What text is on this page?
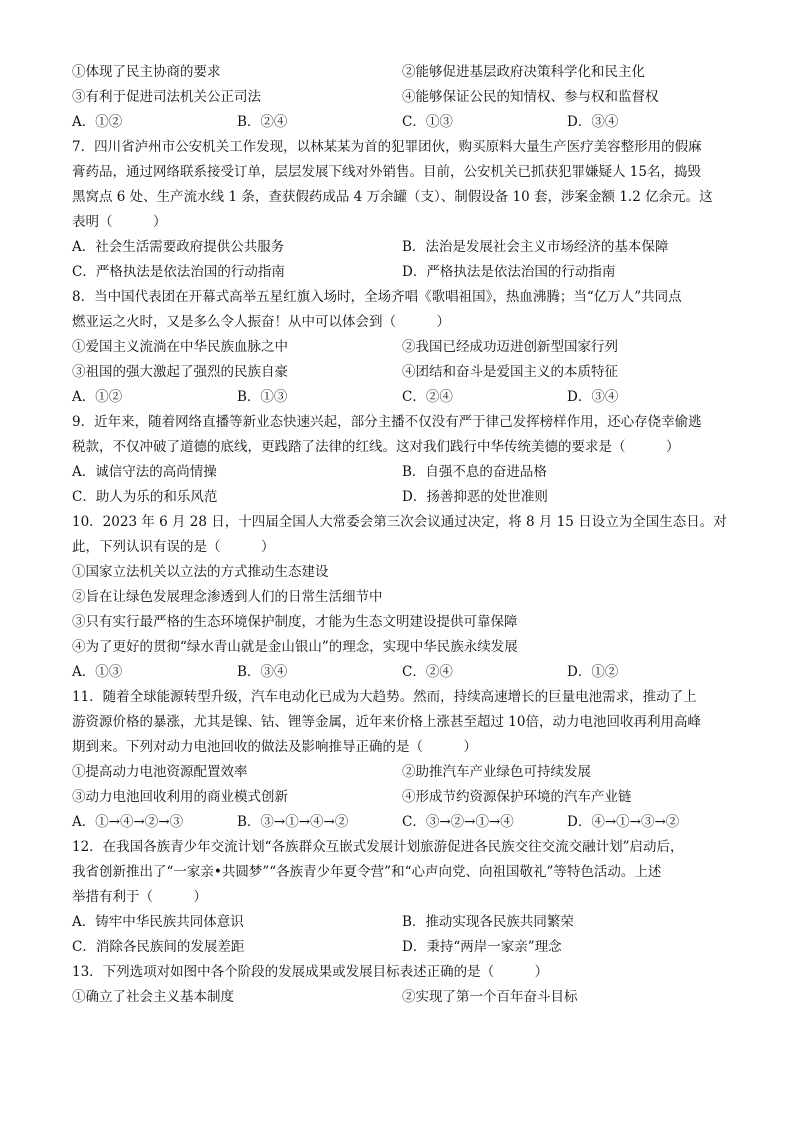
①体现了民主协商的要求	②能够促进基层政府决策科学化和民主化
③有利于促进司法机关公正司法	④能够保证公民的知情权、参与权和监督权
A．①②	B．②④	C．①③	D．③④
7．四川省泸州市公安机关工作发现，以林某某为首的犯罪团伙，购买原料大量生产医疗美容整形用的假麻
膏药品，通过网络联系接受订单，层层发展下线对外销售。目前，公安机关已抓获犯罪嫌疑人 15名，捣毁
黑窝点 6 处、生产流水线 1 条，查获假药成品 4 万余罐（支）、制假设备 10 套，涉案金额 1.2 亿余元。这
表明（　　　）
A．社会生活需要政府提供公共服务	B．法治是发展社会主义市场经济的基本保障
C．严格执法是依法治国的行动指南	D．严格执法是依法治国的行动指南
8．当中国代表团在开幕式高举五星红旗入场时，全场齐唱《歌唱祖国》，热血沸腾；当“亿万人”共同点
燃亚运之火时，又是多么令人振奋！从中可以体会到（　　　）
①爱国主义流淌在中华民族血脉之中	②我国已经成功迈进创新型国家行列
③祖国的强大激起了强烈的民族自豪	④团结和奋斗是爱国主义的本质特征
A．①②	B．①③	C．②④	D．③④
9．近年来，随着网络直播等新业态快速兴起，部分主播不仅没有严于律己发挥榜样作用，还心存侥幸偷逃
税款，不仅冲破了道德的底线，更践踏了法律的红线。这对我们践行中华传统美德的要求是（　　　）
A．诚信守法的高尚情操	B．自强不息的奋进品格
C．助人为乐的和乐风范	D．扬善抑恶的处世准则
10．2023 年 6 月 28 日，十四届全国人大常委会第三次会议通过决定，将 8 月 15 日设立为全国生态日。对
此，下列认识有误的是（　　　）
①国家立法机关以立法的方式推动生态建设
②旨在让绿色发展理念渗透到人们的日常生活细节中
③只有实行最严格的生态环境保护制度，才能为生态文明建设提供可靠保障
④为了更好的贯彻“绿水青山就是金山银山”的理念，实现中华民族永续发展
A．①③	B．③④	C．②④	D．①②
11．随着全球能源转型升级，汽车电动化已成为大趋势。然而，持续高速增长的巨量电池需求，推动了上
游资源价格的暴涨，尤其是镍、钴、锂等金属，近年来价格上涨甚至超过 10倍，动力电池回收再利用高峰
期到来。下列对动力电池回收的做法及影响推导正确的是（　　　）
①提高动力电池资源配置效率	②助推汽车产业绿色可持续发展
③动力电池回收利用的商业模式创新	④形成节约资源保护环境的汽车产业链
A．①→④→②→③	B．③→①→④→②	C．③→②→①→④	D．④→①→③→②
12．在我国各族青少年交流计划“各族群众互嵌式发展计划旅游促进各民族交往交流交融计划”启动后，
我省创新推出了“一家亲•共圆梦”“各族青少年夏令营”和“心声向党、向祖国敬礼”等特色活动。上述
举措有利于（　　　）
A．铸牢中华民族共同体意识	B．推动实现各民族共同繁荣
C．消除各民族间的发展差距	D．秉持“两岸一家亲”理念
13．下列选项对如图中各个阶段的发展成果或发展目标表述正确的是（　　　）
①确立了社会主义基本制度	②实现了第一个百年奋斗目标
